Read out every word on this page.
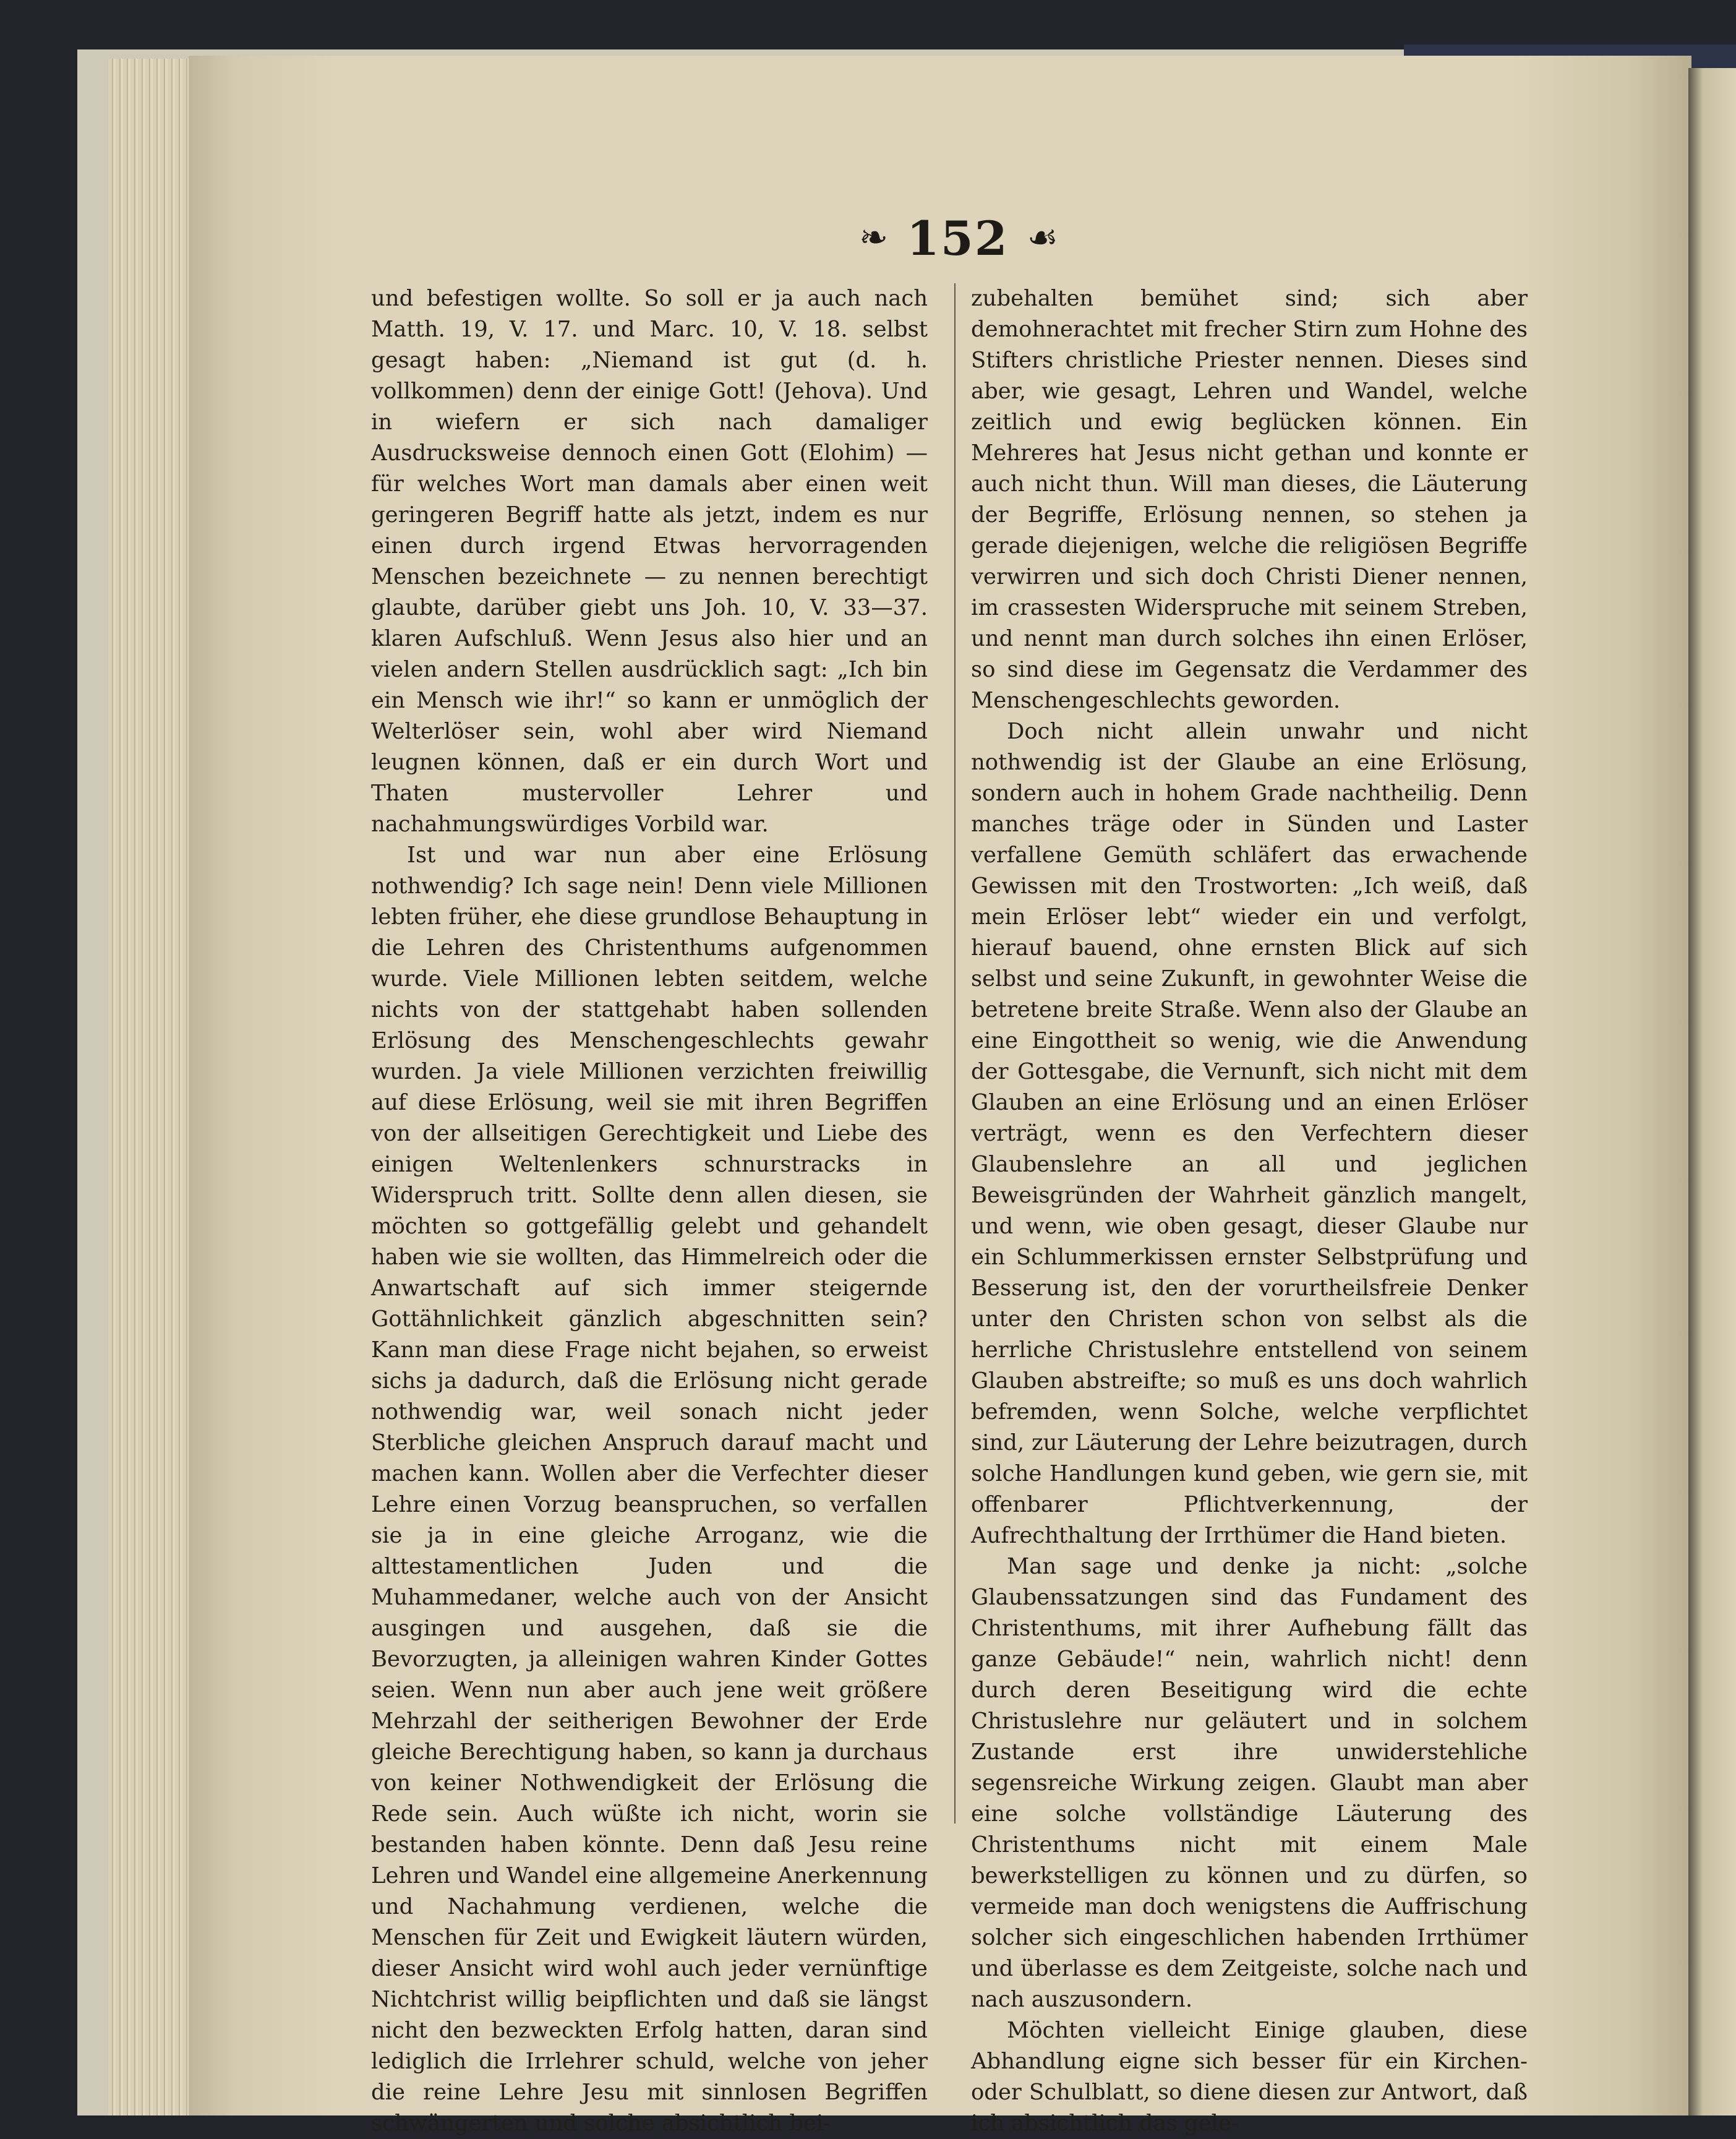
❧ 152 ☙

und befestigen wollte. So soll er ja auch nach Matth. 19, V. 17. und Marc. 10, V. 18. selbst gesagt haben: „Niemand ist gut (d. h. vollkommen) denn der einige Gott! (Jehova). Und in wiefern er sich nach damaliger Ausdrucksweise dennoch einen Gott (Elohim) — für welches Wort man damals aber einen weit geringeren Begriff hatte als jetzt, indem es nur einen durch irgend Etwas hervorragenden Menschen bezeichnete — zu nennen berechtigt glaubte, darüber giebt uns Joh. 10, V. 33—37. klaren Aufschluß. Wenn Jesus also hier und an vielen andern Stellen ausdrücklich sagt: „Ich bin ein Mensch wie ihr!“ so kann er unmöglich der Welterlöser sein, wohl aber wird Niemand leugnen können, daß er ein durch Wort und Thaten mustervoller Lehrer und nachahmungswürdiges Vorbild war.

Ist und war nun aber eine Erlösung nothwendig? Ich sage nein! Denn viele Millionen lebten früher, ehe diese grundlose Behauptung in die Lehren des Christenthums aufgenommen wurde. Viele Millionen lebten seitdem, welche nichts von der stattgehabt haben sollenden Erlösung des Menschengeschlechts gewahr wurden. Ja viele Millionen verzichten freiwillig auf diese Erlösung, weil sie mit ihren Begriffen von der allseitigen Gerechtigkeit und Liebe des einigen Weltenlenkers schnurstracks in Widerspruch tritt. Sollte denn allen diesen, sie möchten so gottgefällig gelebt und gehandelt haben wie sie wollten, das Himmelreich oder die Anwartschaft auf sich immer steigernde Gottähnlichkeit gänzlich abgeschnitten sein? Kann man diese Frage nicht bejahen, so erweist sichs ja dadurch, daß die Erlösung nicht gerade nothwendig war, weil sonach nicht jeder Sterbliche gleichen Anspruch darauf macht und machen kann. Wollen aber die Verfechter dieser Lehre einen Vorzug beanspruchen, so verfallen sie ja in eine gleiche Arroganz, wie die alttestamentlichen Juden und die Muhammedaner, welche auch von der Ansicht ausgingen und ausgehen, daß sie die Bevorzugten, ja alleinigen wahren Kinder Gottes seien. Wenn nun aber auch jene weit größere Mehrzahl der seitherigen Bewohner der Erde gleiche Berechtigung haben, so kann ja durchaus von keiner Nothwendigkeit der Erlösung die Rede sein. Auch wüßte ich nicht, worin sie bestanden haben könnte. Denn daß Jesu reine Lehren und Wandel eine allgemeine Anerkennung und Nachahmung verdienen, welche die Menschen für Zeit und Ewigkeit läutern würden, dieser Ansicht wird wohl auch jeder vernünftige Nichtchrist willig beipflichten und daß sie längst nicht den bezweckten Erfolg hatten, daran sind lediglich die Irrlehrer schuld, welche von jeher die reine Lehre Jesu mit sinnlosen Begriffen schwängerten und solche absichtlich bei-

zubehalten bemühet sind; sich aber demohnerachtet mit frecher Stirn zum Hohne des Stifters christliche Priester nennen. Dieses sind aber, wie gesagt, Lehren und Wandel, welche zeitlich und ewig beglücken können. Ein Mehreres hat Jesus nicht gethan und konnte er auch nicht thun. Will man dieses, die Läuterung der Begriffe, Erlösung nennen, so stehen ja gerade diejenigen, welche die religiösen Begriffe verwirren und sich doch Christi Diener nennen, im crassesten Widerspruche mit seinem Streben, und nennt man durch solches ihn einen Erlöser, so sind diese im Gegensatz die Verdammer des Menschengeschlechts geworden.

Doch nicht allein unwahr und nicht nothwendig ist der Glaube an eine Erlösung, sondern auch in hohem Grade nachtheilig. Denn manches träge oder in Sünden und Laster verfallene Gemüth schläfert das erwachende Gewissen mit den Trostworten: „Ich weiß, daß mein Erlöser lebt“ wieder ein und verfolgt, hierauf bauend, ohne ernsten Blick auf sich selbst und seine Zukunft, in gewohnter Weise die betretene breite Straße. Wenn also der Glaube an eine Eingottheit so wenig, wie die Anwendung der Gottesgabe, die Vernunft, sich nicht mit dem Glauben an eine Erlösung und an einen Erlöser verträgt, wenn es den Verfechtern dieser Glaubenslehre an all und jeglichen Beweisgründen der Wahrheit gänzlich mangelt, und wenn, wie oben gesagt, dieser Glaube nur ein Schlummerkissen ernster Selbstprüfung und Besserung ist, den der vorurtheilsfreie Denker unter den Christen schon von selbst als die herrliche Christuslehre entstellend von seinem Glauben abstreifte; so muß es uns doch wahrlich befremden, wenn Solche, welche verpflichtet sind, zur Läuterung der Lehre beizutragen, durch solche Handlungen kund geben, wie gern sie, mit offenbarer Pflichtverkennung, der Aufrechthaltung der Irrthümer die Hand bieten.

Man sage und denke ja nicht: „solche Glaubenssatzungen sind das Fundament des Christenthums, mit ihrer Aufhebung fällt das ganze Gebäude!“ nein, wahrlich nicht! denn durch deren Beseitigung wird die echte Christuslehre nur geläutert und in solchem Zustande erst ihre unwiderstehliche segensreiche Wirkung zeigen. Glaubt man aber eine solche vollständige Läuterung des Christenthums nicht mit einem Male bewerkstelligen zu können und zu dürfen, so vermeide man doch wenigstens die Auffrischung solcher sich eingeschlichen habenden Irrthümer und überlasse es dem Zeitgeiste, solche nach und nach auszusondern.

Möchten vielleicht Einige glauben, diese Abhandlung eigne sich besser für ein Kirchen- oder Schulblatt, so diene diesen zur Antwort, daß ich absichtlich das gele-
